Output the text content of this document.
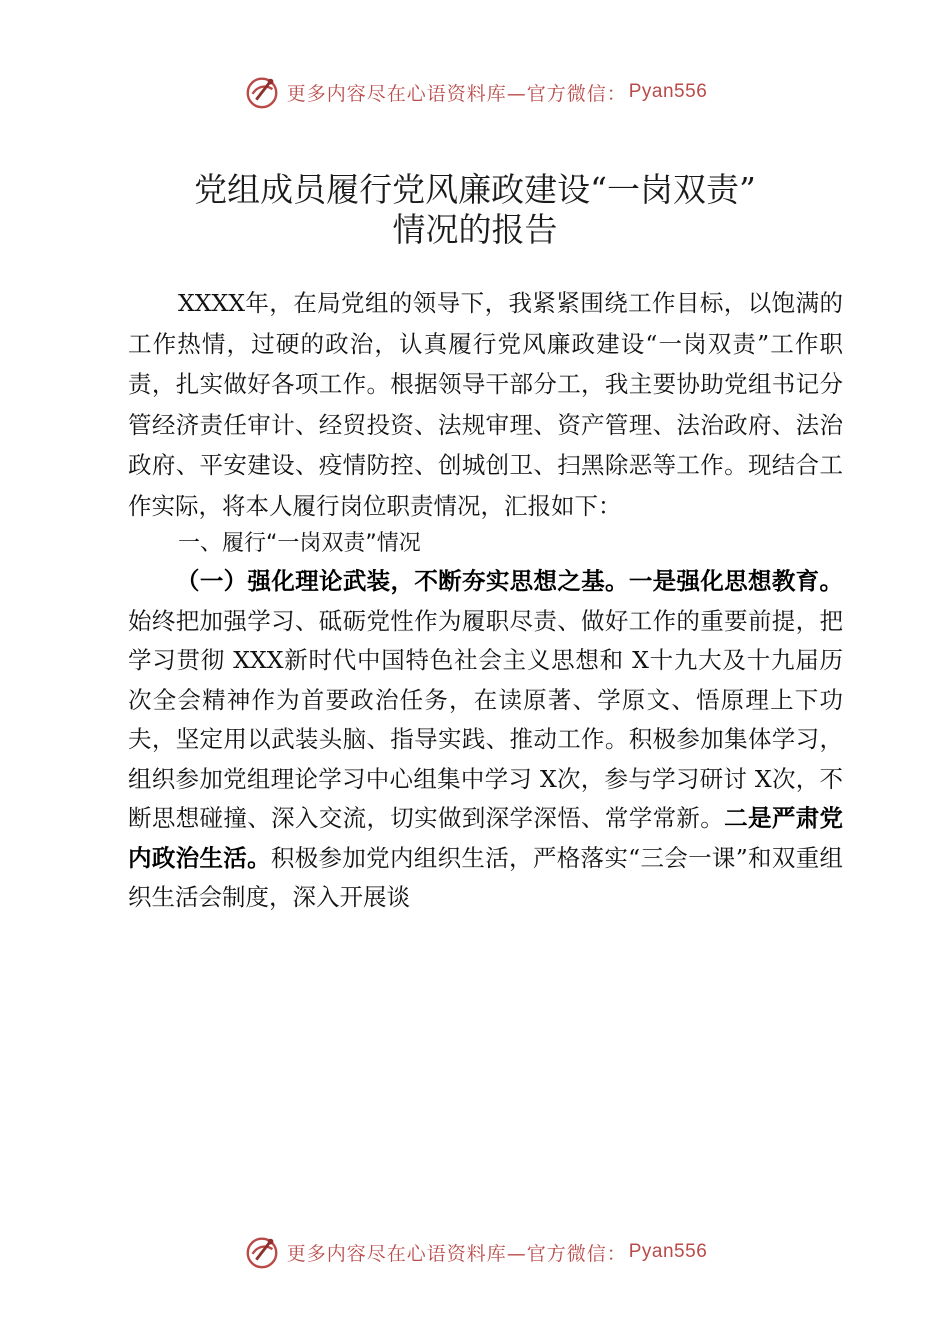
更多内容尽在心语资料库—官方微信： Pyan556
党组成员履行党风廉政建设“一岗双责”
情况的报告
XXXX年，在局党组的领导下，我紧紧围绕工作目标，以饱满的工作热情，过硬的政治，认真履行党风廉政建设“一岗双责”工作职责，扎实做好各项工作。根据领导干部分工，我主要协助党组书记分管经济责任审计、经贸投资、法规审理、资产管理、法治政府、法治政府、平安建设、疫情防控、创城创卫、扫黑除恶等工作。现结合工作实际，将本人履行岗位职责情况，汇报如下：
一、履行“一岗双责”情况
（一）强化理论武装，不断夯实思想之基。一是强化思想教育。始终把加强学习、砥砺党性作为履职尽责、做好工作的重要前提，把学习贯彻 XXX新时代中国特色社会主义思想和 X十九大及十九届历次全会精神作为首要政治任务，在读原著、学原文、悟原理上下功夫，坚定用以武装头脑、指导实践、推动工作。积极参加集体学习，组织参加党组理论学习中心组集中学习 X次，参与学习研讨 X次，不断思想碰撞、深入交流，切实做到深学深悟、常学常新。二是严肃党内政治生活。积极参加党内组织生活，严格落实“三会一课”和双重组织生活会制度，深入开展谈
更多内容尽在心语资料库—官方微信： Pyan556
